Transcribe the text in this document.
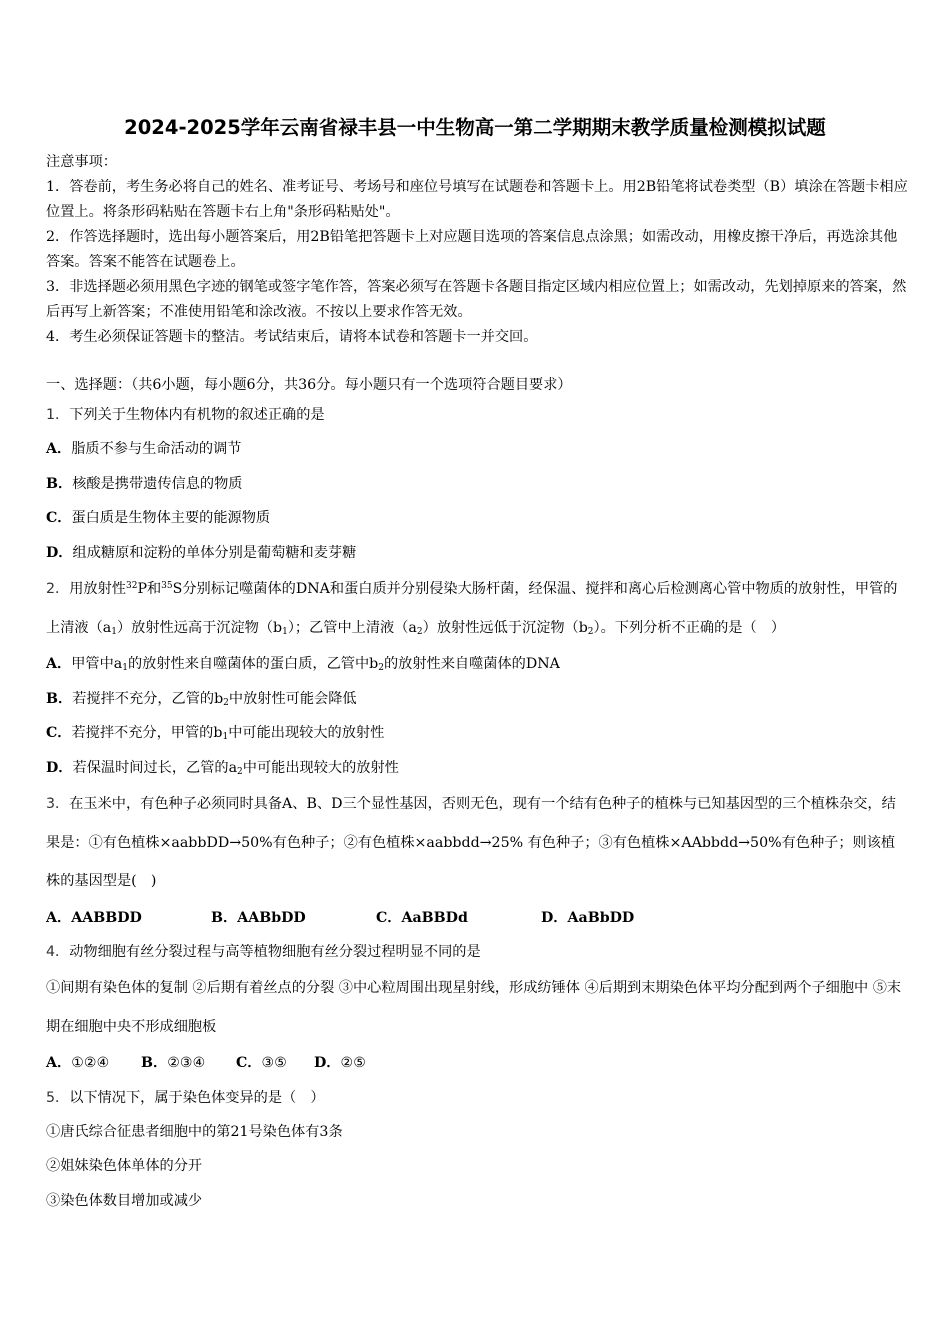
2024-2025学年云南省禄丰县一中生物高一第二学期期末教学质量检测模拟试题

注意事项：

1．答卷前，考生务必将自己的姓名、准考证号、考场号和座位号填写在试题卷和答题卡上。用2B铅笔将试卷类型（B）填涂在答题卡相应位置上。将条形码粘贴在答题卡右上角"条形码粘贴处"。

2．作答选择题时，选出每小题答案后，用2B铅笔把答题卡上对应题目选项的答案信息点涂黑；如需改动，用橡皮擦干净后，再选涂其他答案。答案不能答在试题卷上。

3．非选择题必须用黑色字迹的钢笔或签字笔作答，答案必须写在答题卡各题目指定区域内相应位置上；如需改动，先划掉原来的答案，然后再写上新答案；不准使用铅笔和涂改液。不按以上要求作答无效。

4．考生必须保证答题卡的整洁。考试结束后，请将本试卷和答题卡一并交回。

一、选择题：（共6小题，每小题6分，共36分。每小题只有一个选项符合题目要求）

1．下列关于生物体内有机物的叙述正确的是

A．脂质不参与生命活动的调节

B．核酸是携带遗传信息的物质

C．蛋白质是生物体主要的能源物质

D．组成糖原和淀粉的单体分别是葡萄糖和麦芽糖

2．用放射性$^{32}$P和$^{35}$S分别标记噬菌体的DNA和蛋白质并分别侵染大肠杆菌，经保温、搅拌和离心后检测离心管中物质的放射性，甲管的上清液$(a_1)$放射性远高于沉淀物$(b_1)$；乙管中上清液$(a_2)$放射性远低于沉淀物$(b_2)$。下列分析不正确的是（　）

A．甲管中$a_1$的放射性来自噬菌体的蛋白质，乙管中$b_2$的放射性来自噬菌体的DNA

B．若搅拌不充分，乙管的$b_2$中放射性可能会降低

C．若搅拌不充分，甲管的$b_1$中可能出现较大的放射性

D．若保温时间过长，乙管的$a_2$中可能出现较大的放射性

3．在玉米中，有色种子必须同时具备A、B、D三个显性基因，否则无色，现有一个结有色种子的植株与已知基因型的三个植株杂交，结果是：①有色植株×aabbDD→50%有色种子；②有色植株×aabbdd→25% 有色种子；③有色植株×AAbbdd→50%有色种子；则该植株的基因型是(　)

A．AABBDD	B．AABbDD	C．AaBBDd	D．AaBbDD

4．动物细胞有丝分裂过程与高等植物细胞有丝分裂过程明显不同的是

①间期有染色体的复制 ②后期有着丝点的分裂 ③中心粒周围出现星射线，形成纺锤体 ④后期到末期染色体平均分配到两个子细胞中 ⑤末期在细胞中央不形成细胞板

A．①②④ B．②③④ C．③⑤ D．②⑤

5．以下情况下，属于染色体变异的是（　）

①唐氏综合征患者细胞中的第21号染色体有3条

②姐妹染色体单体的分开

③染色体数目增加或减少
